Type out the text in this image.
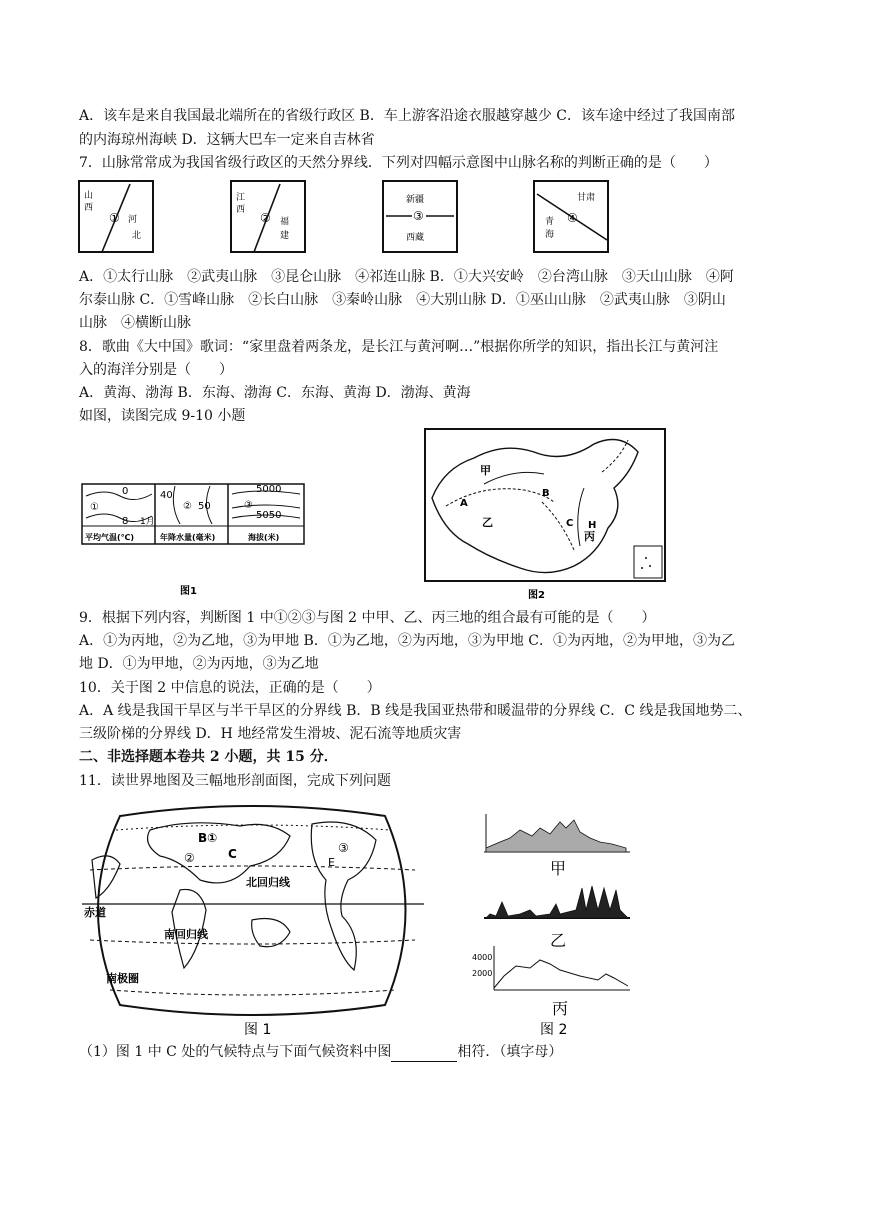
A．该车是来自我国最北端所在的省级行政区 B．车上游客沿途衣服越穿越少 C．该车途中经过了我国南部
的内海琼州海峡 D．这辆大巴车一定来自吉林省
7．山脉常常成为我国省级行政区的天然分界线．下列对四幅示意图中山脉名称的判断正确的是（　　）
山
西
① 河
北
江
西
② 福
建
新疆
③
西藏
甘肃
④
青
海
A．①太行山脉　②武夷山脉　③昆仑山脉　④祁连山脉 B．①大兴安岭　②台湾山脉　③天山山脉　④阿
尔泰山脉 C．①雪峰山脉　②长白山脉　③秦岭山脉　④大别山脉 D．①巫山山脉　②武夷山脉　③阴山
山脉　④横断山脉
8．歌曲《大中国》歌词：“家里盘着两条龙，是长江与黄河啊…”根据你所学的知识，指出长江与黄河注
入的海洋分别是（　　）
A．黄海、渤海 B．东海、渤海 C．东海、黄海 D．渤海、黄海
如图，读图完成 9-10 小题
0
①
8 1月
40
② 50
5000
③
5050
平均气温(℃)	年降水量(毫米)	海拔(米)
图1
甲
乙
丙
A
B
C H
图2
9．根据下列内容，判断图 1 中①②③与图 2 中甲、乙、丙三地的组合最有可能的是（　　）
A．①为丙地，②为乙地，③为甲地 B．①为乙地，②为丙地，③为甲地 C．①为丙地，②为甲地，③为乙
地 D．①为甲地，②为丙地，③为乙地
10．关于图 2 中信息的说法，正确的是（　　）
A．A 线是我国干旱区与半干旱区的分界线 B．B 线是我国亚热带和暖温带的分界线 C．C 线是我国地势二、
三级阶梯的分界线 D．H 地经常发生滑坡、泥石流等地质灾害
二、非选择题本卷共 2 小题，共 15 分．
11．读世界地图及三幅地形剖面图，完成下列问题
B①
②	C	③
E
北回归线
赤道
南回归线
南极圈
图 1
甲
乙
4000
2000
丙
图 2
（1）图 1 中 C 处的气候特点与下面气候资料中图	相符．（填字母）
